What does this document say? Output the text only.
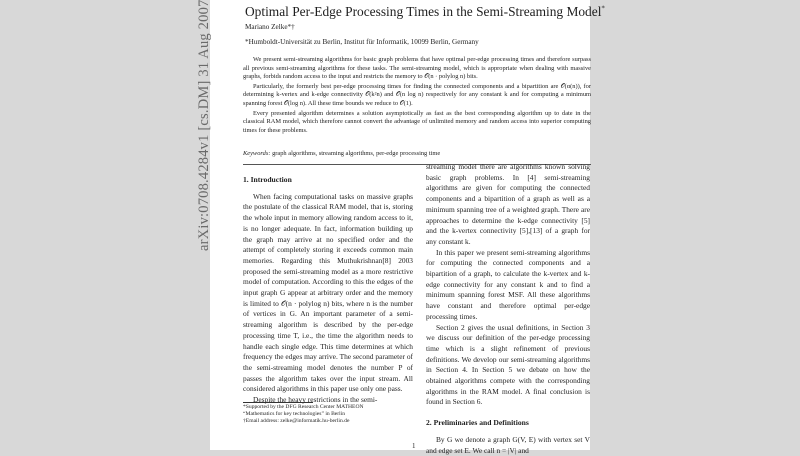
arXiv:0708.4284v1 [cs.DM] 31 Aug 2007 Optimal Per-Edge Processing Times in the Semi-Streaming Model*
Mariano Zelke*†
*Humboldt-Universität zu Berlin, Institut für Informatik, 10099 Berlin, Germany

We present semi-streaming algorithms for basic graph problems that have optimal per-edge processing times and therefore surpass all previous semi-streaming algorithms for these tasks. The semi-streaming model, which is appropriate when dealing with massive graphs, forbids random access to the input and restricts the memory to 𝒪(n · polylog n) bits.

Particularly, the formerly best per-edge processing times for finding the connected components and a bipartition are 𝒪(α(n)), for determining k-vertex and k-edge connectivity 𝒪(k²n) and 𝒪(n log n) respectively for any constant k and for computing a minimum spanning forest 𝒪(log n). All these time bounds we reduce to 𝒪(1).

Every presented algorithm determines a solution asymptotically as fast as the best corresponding algorithm up to date in the classical RAM model, which therefore cannot convert the advantage of unlimited memory and random access into superior computing times for these problems.

Keywords: graph algorithms, streaming algorithms, per-edge processing time
1. Introduction

When facing computational tasks on massive graphs the postulate of the classical RAM model, that is, storing the whole input in memory allowing random access to it, is no longer adequate. In fact, information building up the graph may arrive at no specified order and the attempt of completely storing it exceeds common main memories. Regarding this Muthukrishnan[8] 2003 proposed the semi-streaming model as a more restrictive model of computation. According to this the edges of the input graph G appear at arbitrary order and the memory is limited to 𝒪(n · polylog n) bits, where n is the number of vertices in G. An important parameter of a semi-streaming algorithm is described by the per-edge processing time T, i.e., the time the algorithm needs to handle each single edge. This time determines at which frequency the edges may arrive. The second parameter of the semi-streaming model denotes the number P of passes the algorithm takes over the input stream. All considered algorithms in this paper use only one pass.

Despite the heavy restrictions in the semi-

streaming model there are algorithms known solving basic graph problems. In [4] semi-streaming algorithms are given for computing the connected components and a bipartition of a graph as well as a minimum spanning tree of a weighted graph. There are approaches to determine the k-edge connectivity [5] and the k-vertex connectivity [5],[13] of a graph for any constant k.

In this paper we present semi-streaming algorithms for computing the connected components and a bipartition of a graph, to calculate the k-vertex and k-edge connectivity for any constant k and to find a minimum spanning forest MSF. All these algorithms have constant and therefore optimal per-edge processing times.

Section 2 gives the usual definitions, in Section 3 we discuss our definition of the per-edge processing time which is a slight refinement of previous definitions. We develop our semi-streaming algorithms in Section 4. In Section 5 we debate on how the obtained algorithms compete with the corresponding algorithms in the RAM model. A final conclusion is found in Section 6.

2. Preliminaries and Definitions

By G we denote a graph G(V, E) with vertex set V and edge set E. We call n = |V| and

*Supported by the DFG Research Center MATHEON
“Mathematics for key technologies” in Berlin
†Email address: zelke@informatik.hu-berlin.de
1
